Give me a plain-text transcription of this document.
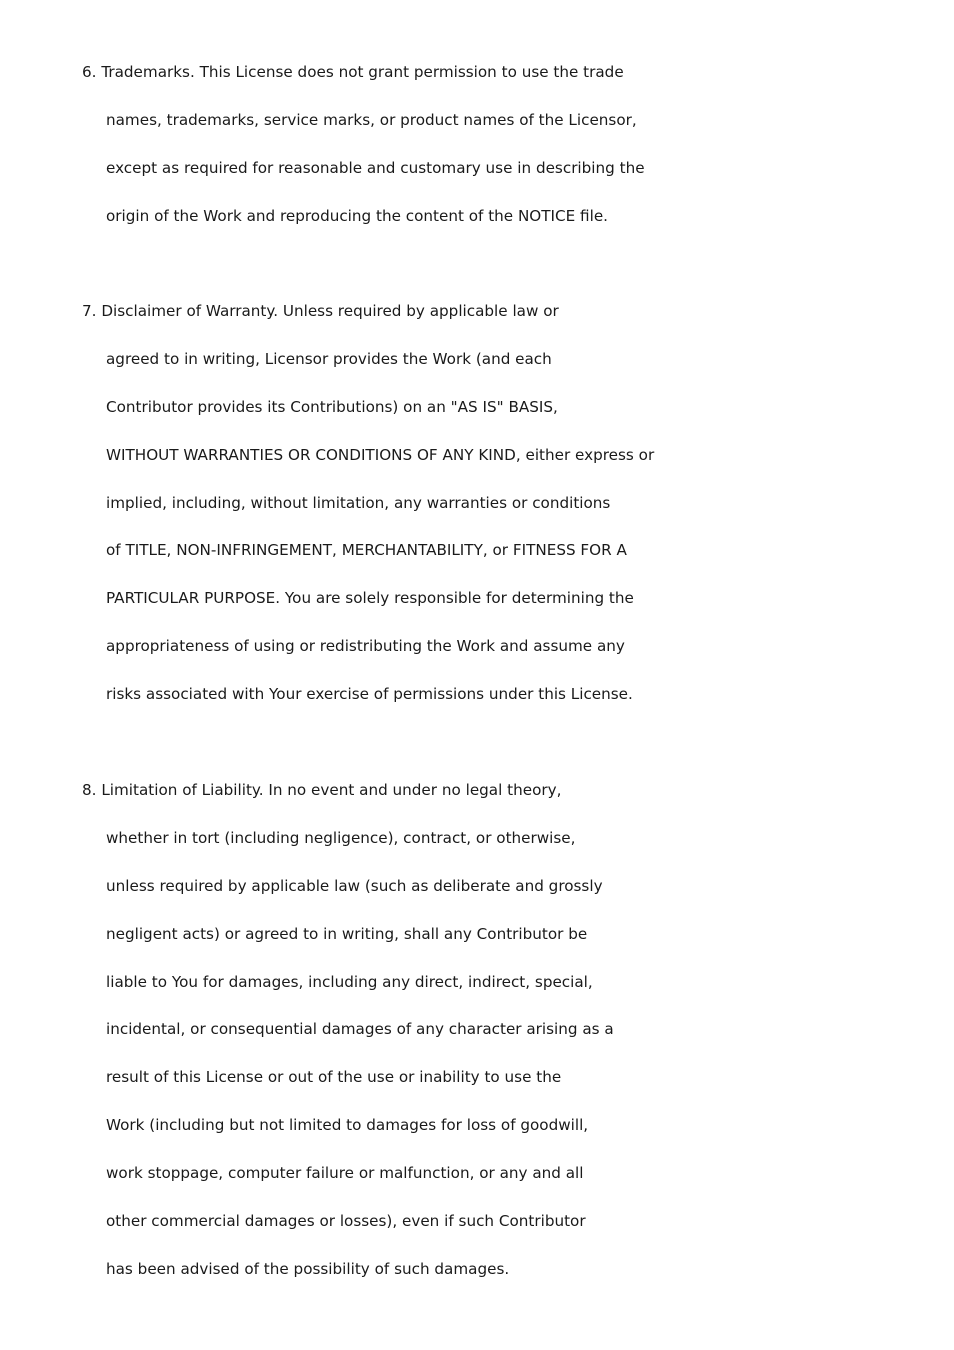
6. Trademarks. This License does not grant permission to use the trade
names, trademarks, service marks, or product names of the Licensor,
except as required for reasonable and customary use in describing the
origin of the Work and reproducing the content of the NOTICE file.
7. Disclaimer of Warranty. Unless required by applicable law or
agreed to in writing, Licensor provides the Work (and each
Contributor provides its Contributions) on an "AS IS" BASIS,
WITHOUT WARRANTIES OR CONDITIONS OF ANY KIND, either express or
implied, including, without limitation, any warranties or conditions
of TITLE, NON-INFRINGEMENT, MERCHANTABILITY, or FITNESS FOR A
PARTICULAR PURPOSE. You are solely responsible for determining the
appropriateness of using or redistributing the Work and assume any
risks associated with Your exercise of permissions under this License.
8. Limitation of Liability. In no event and under no legal theory,
whether in tort (including negligence), contract, or otherwise,
unless required by applicable law (such as deliberate and grossly
negligent acts) or agreed to in writing, shall any Contributor be
liable to You for damages, including any direct, indirect, special,
incidental, or consequential damages of any character arising as a
result of this License or out of the use or inability to use the
Work (including but not limited to damages for loss of goodwill,
work stoppage, computer failure or malfunction, or any and all
other commercial damages or losses), even if such Contributor
has been advised of the possibility of such damages.
